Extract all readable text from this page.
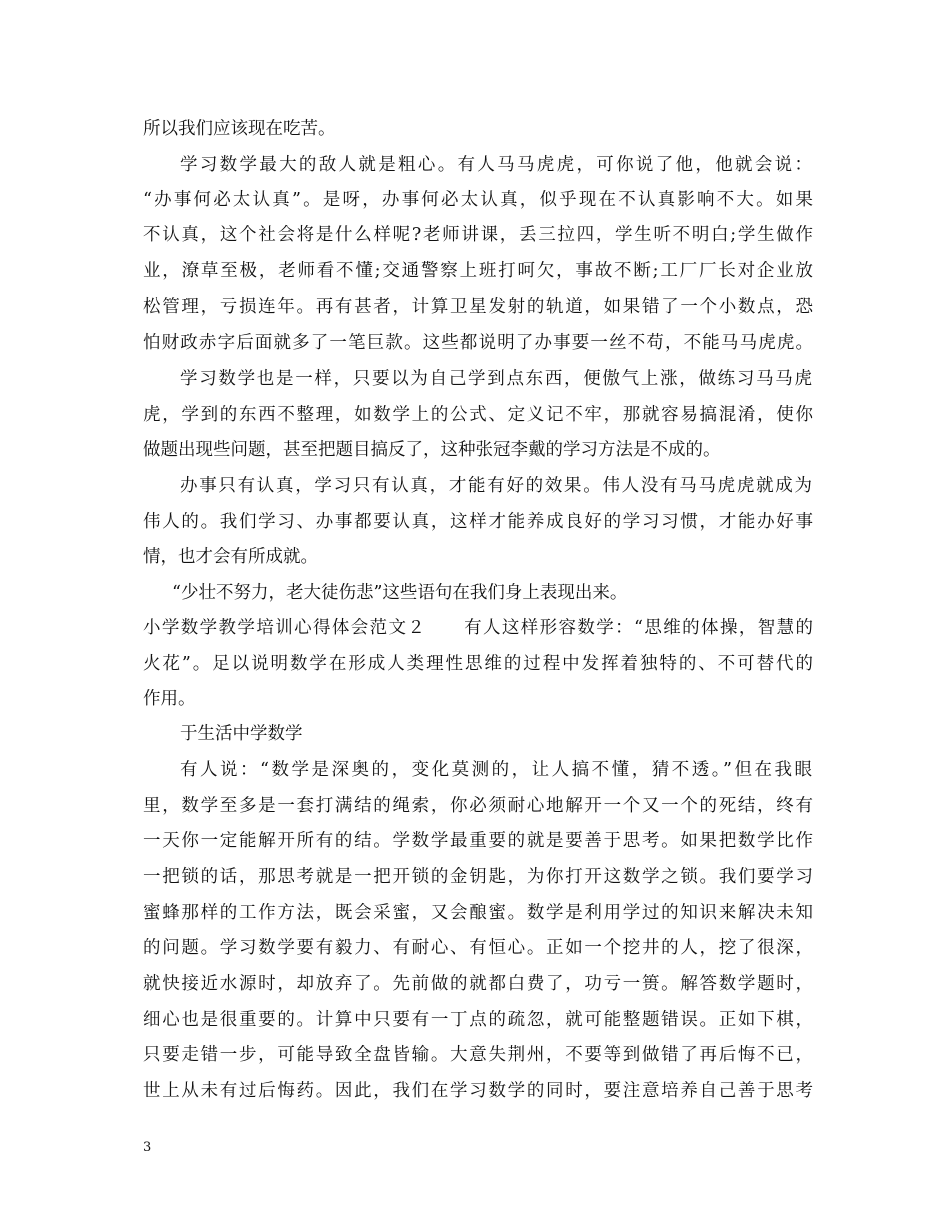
所以我们应该现在吃苦。
学习数学最大的敌人就是粗心。有人马马虎虎，可你说了他，他就会说：
“办事何必太认真”。是呀，办事何必太认真，似乎现在不认真影响不大。如果
不认真，这个社会将是什么样呢?老师讲课，丢三拉四，学生听不明白;学生做作
业，潦草至极，老师看不懂;交通警察上班打呵欠，事故不断;工厂厂长对企业放
松管理，亏损连年。再有甚者，计算卫星发射的轨道，如果错了一个小数点，恐
怕财政赤字后面就多了一笔巨款。这些都说明了办事要一丝不苟，不能马马虎虎。
学习数学也是一样，只要以为自己学到点东西，便傲气上涨，做练习马马虎
虎，学到的东西不整理，如数学上的公式、定义记不牢，那就容易搞混淆，使你
做题出现些问题，甚至把题目搞反了，这种张冠李戴的学习方法是不成的。
办事只有认真，学习只有认真，才能有好的效果。伟人没有马马虎虎就成为
伟人的。我们学习、办事都要认真，这样才能养成良好的学习习惯，才能办好事
情，也才会有所成就。
“少壮不努力，老大徒伤悲”这些语句在我们身上表现出来。
小学数学教学培训心得体会范文２　　有人这样形容数学：“思维的体操，智慧的
火花”。足以说明数学在形成人类理性思维的过程中发挥着独特的、不可替代的
作用。
于生活中学数学
有人说：“数学是深奥的，变化莫测的，让人搞不懂，猜不透。”但在我眼
里，数学至多是一套打满结的绳索，你必须耐心地解开一个又一个的死结，终有
一天你一定能解开所有的结。学数学最重要的就是要善于思考。如果把数学比作
一把锁的话，那思考就是一把开锁的金钥匙，为你打开这数学之锁。我们要学习
蜜蜂那样的工作方法，既会采蜜，又会酿蜜。数学是利用学过的知识来解决未知
的问题。学习数学要有毅力、有耐心、有恒心。正如一个挖井的人，挖了很深，
就快接近水源时，却放弃了。先前做的就都白费了，功亏一篑。解答数学题时，
细心也是很重要的。计算中只要有一丁点的疏忽，就可能整题错误。正如下棋，
只要走错一步，可能导致全盘皆输。大意失荆州，不要等到做错了再后悔不已，
世上从未有过后悔药。因此，我们在学习数学的同时，要注意培养自己善于思考
3
